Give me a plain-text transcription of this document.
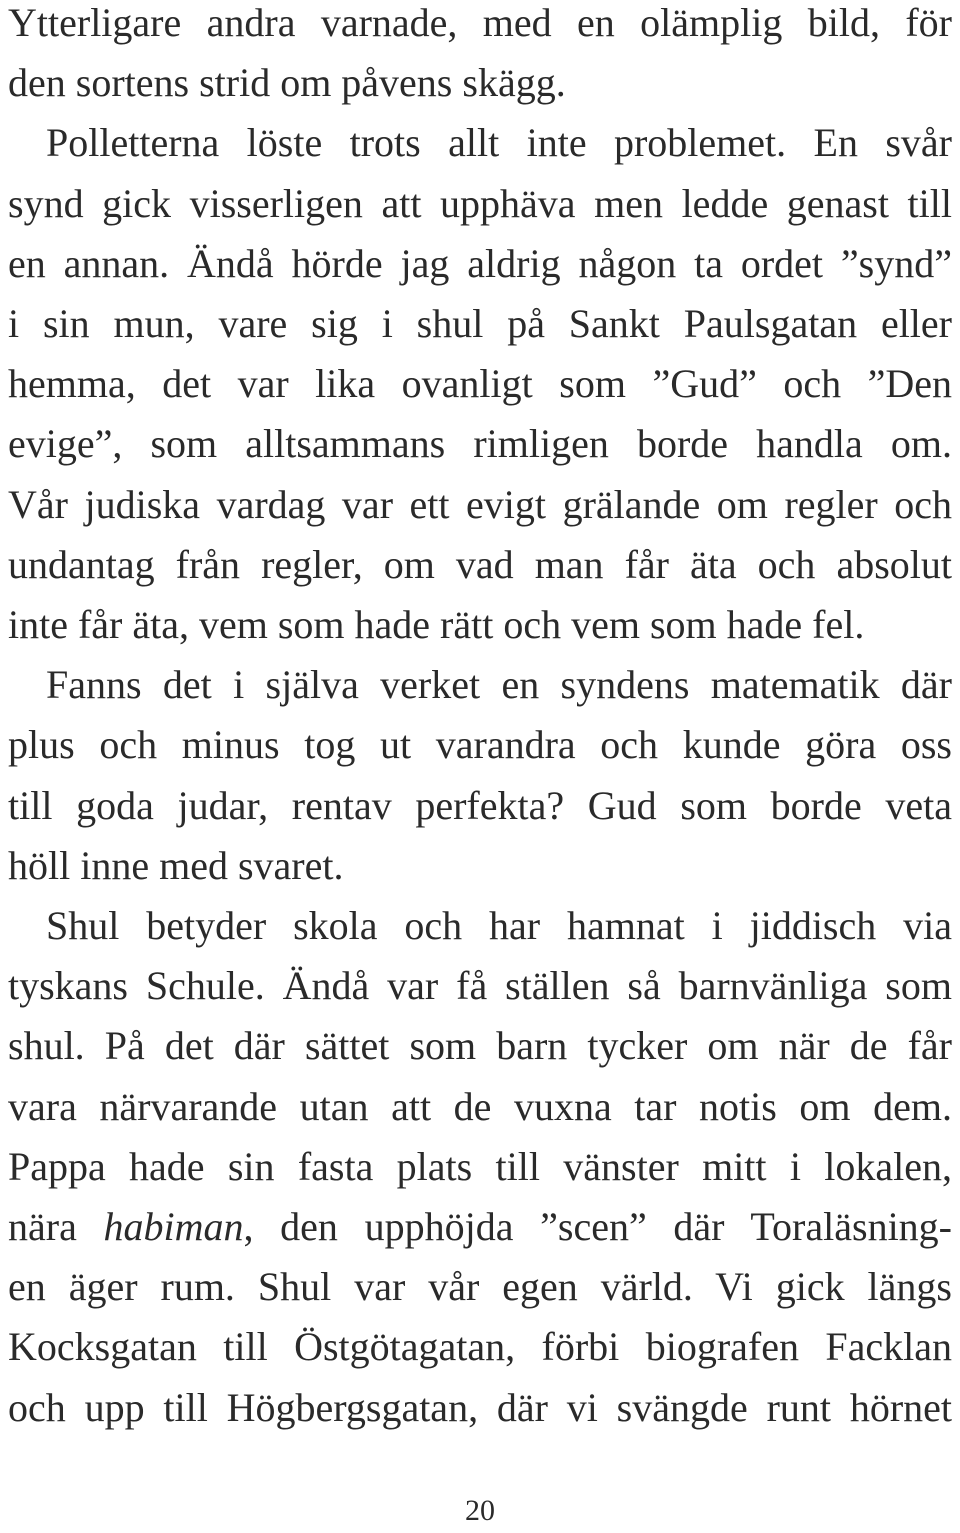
Ytterligare andra varnade, med en olämplig bild, för
den sortens strid om påvens skägg.
Polletterna löste trots allt inte problemet. En svår
synd gick visserligen att upphäva men ledde genast till
en annan. Ändå hörde jag aldrig någon ta ordet ”synd”
i sin mun, vare sig i shul på Sankt Paulsgatan eller
hemma, det var lika ovanligt som ”Gud” och ”Den
evige”, som alltsammans rimligen borde handla om.
Vår judiska vardag var ett evigt grälande om regler och
undantag från regler, om vad man får äta och absolut
inte får äta, vem som hade rätt och vem som hade fel.
Fanns det i själva verket en syndens matematik där
plus och minus tog ut varandra och kunde göra oss
till goda judar, rentav perfekta? Gud som borde veta
höll inne med svaret.
Shul betyder skola och har hamnat i jiddisch via
tyskans Schule. Ändå var få ställen så barnvänliga som
shul. På det där sättet som barn tycker om när de får
vara närvarande utan att de vuxna tar notis om dem.
Pappa hade sin fasta plats till vänster mitt i lokalen,
nära habiman, den upphöjda ”scen” där Toraläsning-
en äger rum. Shul var vår egen värld. Vi gick längs
Kocksgatan till Östgötagatan, förbi biografen Facklan
och upp till Högbergsgatan, där vi svängde runt hörnet
20
